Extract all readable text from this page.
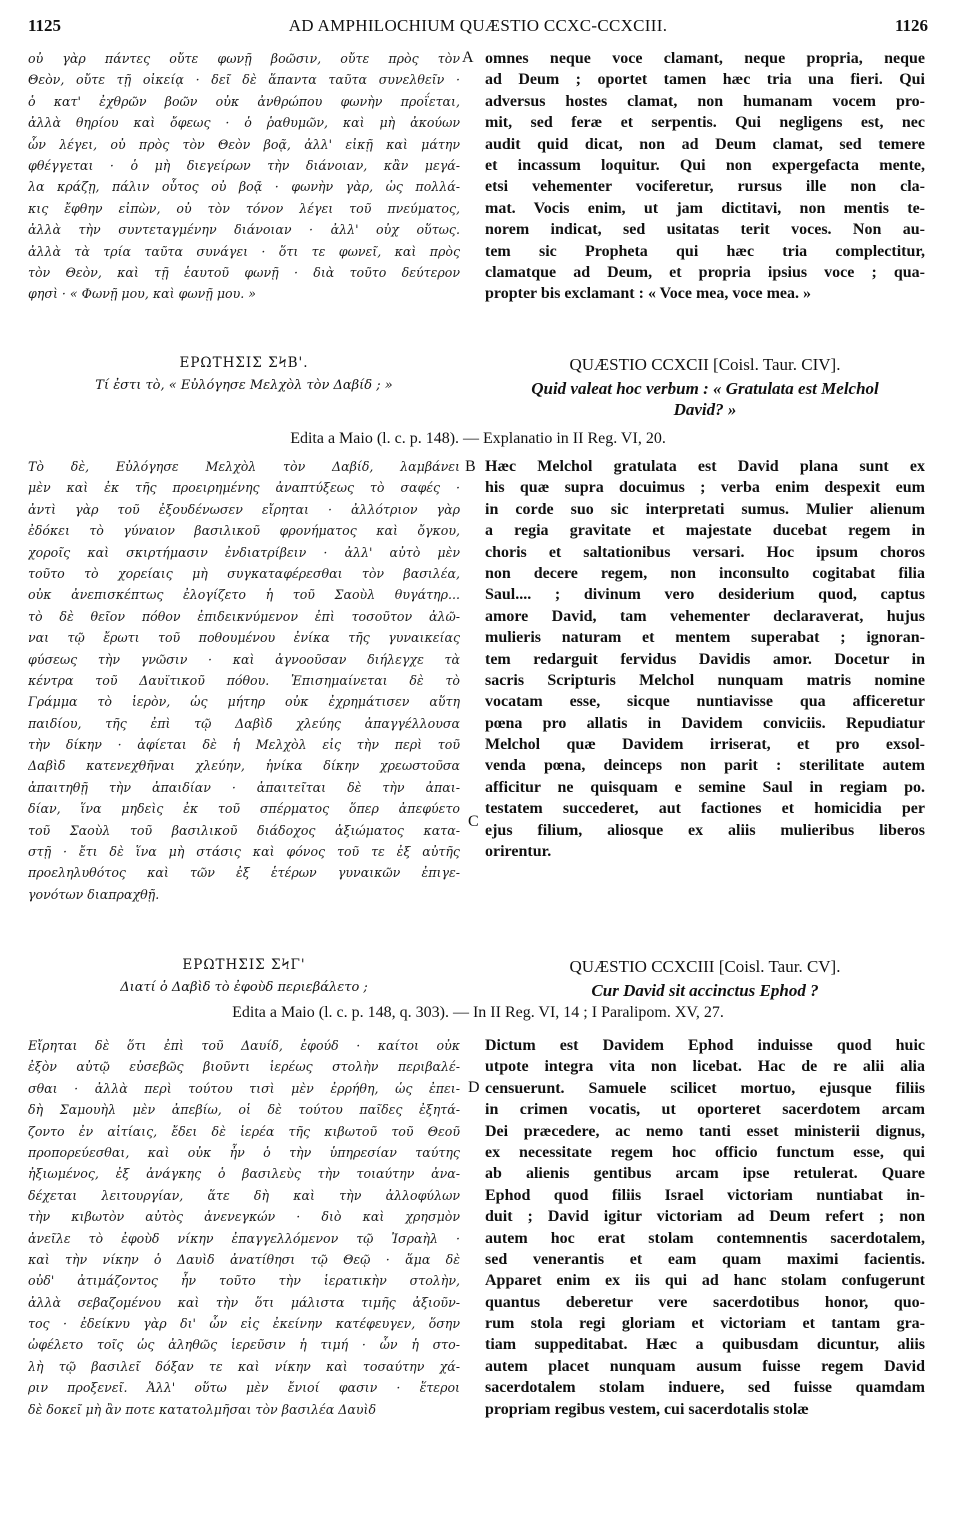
1125	AD AMPHILOCHIUM QUÆSTIO CCXC-CCXCIII.	1126
οὐ γὰρ πάντες οὔτε φωνῇ βοῶσιν, οὔτε πρὸς τὸν
Θεὸν, οὔτε τῇ οἰκείᾳ · δεῖ δὲ ἅπαντα ταῦτα συνελθεῖν ·
ὁ κατ' ἐχθρῶν βοῶν οὐκ ἀνθρώπου φωνὴν προΐεται,
ἀλλὰ θηρίου καὶ ὄφεως · ὁ ῥαθυμῶν, καὶ μὴ ἀκούων
ὧν λέγει, οὐ πρὸς τὸν Θεὸν βοᾷ, ἀλλ' εἰκῇ καὶ μάτην
φθέγγεται · ὁ μὴ διεγείρων τὴν διάνοιαν, κἂν μεγά-
λα κράζῃ, πάλιν οὗτος οὐ βοᾷ · φωνὴν γὰρ, ὡς πολλά-
κις ἔφθην εἰπὼν, οὐ τὸν τόνον λέγει τοῦ πνεύματος,
ἀλλὰ τὴν συντεταγμένην διάνοιαν · ἀλλ' οὐχ οὕτως.
ἀλλὰ τὰ τρία ταῦτα συνάγει · ὅτι τε φωνεῖ, καὶ πρὸς
τὸν Θεὸν, καὶ τῇ ἑαυτοῦ φωνῇ · διὰ τοῦτο δεύτερον
φησὶ · « Φωνῇ μου, καὶ φωνῇ μου. »
A omnes neque voce clamant, neque propria, neque
ad Deum ; oportet tamen hæc tria una fieri. Qui
adversus hostes clamat, non humanam vocem pro-
mit, sed feræ et serpentis. Qui negligens est, nec
audit quid dicat, non ad Deum clamat, sed temere
et incassum loquitur. Qui non expergefacta mente,
etsi vehementer vociferetur, rursus ille non cla-
mat. Vocis enim, ut jam dictitavi, non mentis te-
norem indicat, sed usitatas terit voces. Non au-
tem sic Propheta qui hæc tria complectitur,
clamatque ad Deum, et propria ipsius voce ; qua-
propter bis exclamant : « Voce mea, voce mea. »
ΕΡΩΤΗΣΙΣ ΣϞΒ'.
Τί ἐστι τὸ, « Εὐλόγησε Μελχὸλ τὸν Δαβίδ ; »
QUÆSTIO CCXCII [Coisl. Taur. CIV].
Quid valeat hoc verbum : « Gratulata est Melchol
David? »
Edita a Maio (l. c. p. 148). — Explanatio in II Reg. VI, 20.
Τὸ δὲ, Εὐλόγησε Μελχὸλ τὸν Δαβίδ, λαμβάνει
μὲν καὶ ἐκ τῆς προειρημένης ἀναπτύξεως τὸ σαφές ·
ἀντὶ γὰρ τοῦ ἐξουδένωσεν εἴρηται · ἀλλότριον γὰρ
ἐδόκει τὸ γύναιον βασιλικοῦ φρονήματος καὶ ὄγκου,
χοροῖς καὶ σκιρτήμασιν ἐνδιατρίβειν · ἀλλ' αὐτὸ μὲν
τοῦτο τὸ χορείαις μὴ συγκαταφέρεσθαι τὸν βασιλέα,
οὐκ ἀνεπισκέπτως ἐλογίζετο ἡ τοῦ Σαοὺλ θυγάτηρ...
τὸ δὲ θεῖον πόθον ἐπιδεικνύμενον ἐπὶ τοσοῦτον ἀλῶ-
ναι τῷ ἔρωτι τοῦ ποθουμένου ἐνίκα τῆς γυναικείας
φύσεως τὴν γνῶσιν · καὶ ἀγνοοῦσαν διήλεγχε τὰ
κέντρα τοῦ Δαυϊτικοῦ πόθου. Ἐπισημαίνεται δὲ τὸ
Γράμμα τὸ ἱερὸν, ὡς μήτηρ οὐκ ἐχρημάτισεν αὕτη
παιδίου, τῆς ἐπὶ τῷ Δαβὶδ χλεύης ἀπαγγέλλουσα
τὴν δίκην · ἀφίεται δὲ ἡ Μελχὸλ εἰς τὴν περὶ τοῦ
Δαβὶδ κατενεχθῆναι χλεύην, ἡνίκα δίκην χρεωστοῦσα
ἀπαιτηθῇ τὴν ἀπαιδίαν · ἀπαιτεῖται δὲ τὴν ἀπαι-
δίαν, ἵνα μηδεὶς ἐκ τοῦ σπέρματος ὅπερ ἀπεφύετο
τοῦ Σαοὺλ τοῦ βασιλικοῦ διάδοχος ἀξιώματος κατα-
στῇ · ἔτι δὲ ἵνα μὴ στάσις καὶ φόνος τοῦ τε ἐξ αὐτῆς
προεληλυθότος καὶ τῶν ἐξ ἑτέρων γυναικῶν ἐπιγε-
γονότων διαπραχθῇ.
B
C
Hæc Melchol gratulata est David plana sunt ex
his quæ supra docuimus ; verba enim despexit eum
in corde suo sic interpretati sumus. Mulier alienum
a regia gravitate et majestate ducebat regem in
choris et saltationibus versari. Hoc ipsum choros
non decere regem, non inconsulto cogitabat filia
Saul.... ; divinum vero desiderium quod, captus
amore David, tam vehementer declaraverat, hujus
mulieris naturam et mentem superabat ; ignoran-
tem redarguit fervidus Davidis amor. Docetur in
sacris Scripturis Melchol nunquam matris nomine
vocatam esse, sicque nuntiavisse qua afficeretur
pœna pro allatis in Davidem conviciis. Repudiatur
Melchol quæ Davidem irriserat, et pro exsol-
venda pœna, deinceps non parit : sterilitate autem
afficitur ne quisquam e semine Saul in regiam po.
testatem succederet, aut factiones et homicidia per
ejus filium, aliosque ex aliis mulieribus liberos
orirentur.
ΕΡΩΤΗΣΙΣ ΣϞΓ'
Διατί ὁ Δαβὶδ τὸ ἐφοὺδ περιεβάλετο ;
QUÆSTIO CCXCIII [Coisl. Taur. CV].
Cur David sit accinctus Ephod ?
Edita a Maio (l. c. p. 148, q. 303). — In II Reg. VI, 14 ; I Paralipom. XV, 27.
Εἴρηται δὲ ὅτι ἐπὶ τοῦ Δαυίδ, ἐφούδ · καίτοι οὐκ
ἐξὸν αὐτῷ εὐσεβῶς βιοῦντι ἱερέως στολὴν περιβαλέ-
σθαι · ἀλλὰ περὶ τούτου τισὶ μὲν ἐρρήθη, ὡς ἐπει-
δὴ Σαμουὴλ μὲν ἀπεβίω, οἱ δὲ τούτου παῖδες ἐξητά-
ζοντο ἐν αἰτίαις, ἔδει δὲ ἱερέα τῆς κιβωτοῦ τοῦ Θεοῦ
προπορεύεσθαι, καὶ οὐκ ἦν ὁ τὴν ὑπηρεσίαν ταύτης
ἠξιωμένος, ἐξ ἀνάγκης ὁ βασιλεὺς τὴν τοιαύτην ἀνα-
δέχεται λειτουργίαν, ἅτε δὴ καὶ τὴν ἀλλοφύλων
τὴν κιβωτὸν αὐτὸς ἀνενεγκών · διὸ καὶ χρησμὸν
ἀνεῖλε τὸ ἐφοὺδ νίκην ἐπαγγελλόμενον τῷ Ἰσραὴλ ·
καὶ τὴν νίκην ὁ Δαυὶδ ἀνατίθησι τῷ Θεῷ · ἅμα δὲ
οὐδ' ἀτιμάζοντος ἦν τοῦτο τὴν ἱερατικὴν στολὴν,
ἀλλὰ σεβαζομένου καὶ τὴν ὅτι μάλιστα τιμῆς ἀξιοῦν-
τος · ἐδείκνυ γὰρ δι' ὧν εἰς ἐκείνην κατέφευγεν, ὅσην
ὠφέλετο τοῖς ὡς ἀληθῶς ἱερεῦσιν ἡ τιμή · ὧν ἡ στο-
λὴ τῷ βασιλεῖ δόξαν τε καὶ νίκην καὶ τοσαύτην χά-
ριν προξενεῖ. Ἀλλ' οὕτω μὲν ἔνιοί φασιν · ἕτεροι
δὲ δοκεῖ μὴ ἂν ποτε κατατολμῆσαι τὸν βασιλέα Δαυὶδ
D
Dictum est Davidem Ephod induisse quod huic
utpote integra vita non licebat. Hac de re alii alia
censuerunt. Samuele scilicet mortuo, ejusque filiis
in crimen vocatis, ut oporteret sacerdotem arcam
Dei præcedere, ac nemo tanti esset ministerii dignus,
ex necessitate regem hoc officio functum esse, qui
ab alienis gentibus arcam ipse retulerat. Quare
Ephod quod filiis Israel victoriam nuntiabat in-
duit ; David igitur victoriam ad Deum refert ; non
autem hoc erat stolam contemnentis sacerdotalem,
sed venerantis et eam quam maximi facientis.
Apparet enim ex iis qui ad hanc stolam confugerunt
quantus deberetur vere sacerdotibus honor, quo-
rum stola regi gloriam et victoriam et tantam gra-
tiam suppeditabat. Hæc a quibusdam dicuntur, aliis
autem placet nunquam ausum fuisse regem David
sacerdotalem stolam induere, sed fuisse quamdam
propriam regibus vestem, cui sacerdotalis stolæ
